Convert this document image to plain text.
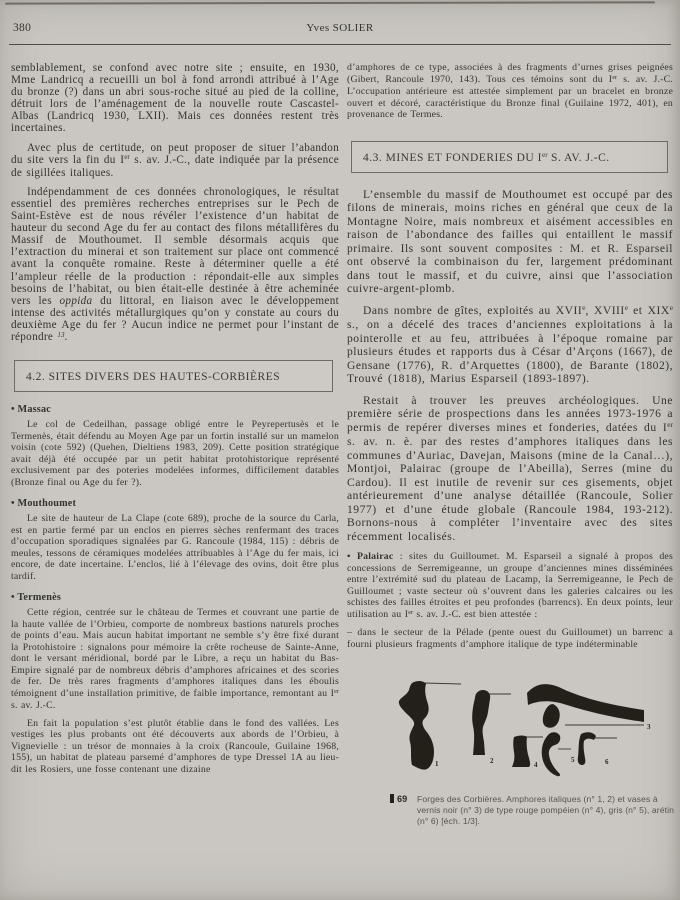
380	Yves SOLIER

semblablement, se confond avec notre site ; ensuite, en 1930, Mme Landricq a recueilli un bol à fond arrondi attribué à l’Age du bronze (?) dans un abri sous-roche situé au pied de la colline, détruit lors de l’aménagement de la nouvelle route Cascastel-Albas (Landricq 1930, LXII). Mais ces données restent très incertaines.

Avec plus de certitude, on peut proposer de situer l’abandon du site vers la fin du Ier s. av. J.-C., date indiquée par la présence de sigillées italiques.

Indépendamment de ces données chronologiques, le résultat essentiel des premières recherches entreprises sur le Pech de Saint-Estève est de nous révéler l’existence d’un habitat de hauteur du second Age du fer au contact des filons métallifères du Massif de Mouthoumet. Il semble désormais acquis que l’extraction du minerai et son traitement sur place ont commencé avant la conquête romaine. Reste à déterminer quelle a été l’ampleur réelle de la production : répondait-elle aux simples besoins de l’habitat, ou bien était-elle destinée à être acheminée vers les oppida du littoral, en liaison avec le développement intense des activités métallurgiques qu’on y constate au cours du deuxième Age du fer ? Aucun indice ne permet pour l’instant de répondre $^{13}$.

4.2. SITES DIVERS DES HAUTES-CORBIÈRES
• Massac

Le col de Cedeilhan, passage obligé entre le Peyrepertusès et le Termenès, était défendu au Moyen Age par un fortin installé sur un mamelon voisin (cote 592) (Quehen, Dieltiens 1983, 209). Cette position stratégique avait déjà été occupée par un petit habitat protohistorique représenté exclusivement par des poteries modelées informes, difficilement datables (Bronze final ou Age du fer ?).

• Mouthoumet

Le site de hauteur de La Clape (cote 689), proche de la source du Carla, est en partie fermé par un enclos en pierres sèches renfermant des traces d’occupation sporadiques signalées par G. Rancoule (1984, 115) : débris de meules, tessons de céramiques modelées attribuables à l’Age du fer mais, ici encore, de date incertaine. L’enclos, lié à l’élevage des ovins, doit être plus tardif.

• Termenès

Cette région, centrée sur le château de Termes et couvrant une partie de la haute vallée de l’Orbieu, comporte de nombreux bastions naturels proches de points d’eau. Mais aucun habitat important ne semble s’y être fixé durant la Protohistoire : signalons pour mémoire la crête rocheuse de Sainte-Anne, dont le versant méridional, bordé par le Libre, a reçu un habitat du Bas-Empire signalé par de nombreux débris d’amphores africaines et des scories de fer. De très rares fragments d’amphores italiques dans les éboulis témoignent d’une installation primitive, de faible importance, remontant au Ier s. av. J.-C.

En fait la population s’est plutôt établie dans le fond des vallées. Les vestiges les plus probants ont été découverts aux abords de l’Orbieu, à Vignevielle : un trésor de monnaies à la croix (Rancoule, Guilaine 1968, 155), un habitat de plateau parsemé d’amphores de type Dressel 1A au lieu-dit les Rosiers, une fosse contenant une dizaine

d’amphores de ce type, associées à des fragments d’urnes grises peignées (Gibert, Rancoule 1970, 143). Tous ces témoins sont du Ier s. av. J.-C. L’occupation antérieure est attestée simplement par un bracelet en bronze ouvert et décoré, caractéristique du Bronze final (Guilaine 1972, 401), en provenance de Termes.

4.3. MINES ET FONDERIES DU Ier S. AV. J.-C.

L’ensemble du massif de Mouthoumet est occupé par des filons de minerais, moins riches en général que ceux de la Montagne Noire, mais nombreux et aisément accessibles en raison de l’abondance des failles qui entaillent le massif primaire. Ils sont souvent composites : M. et R. Esparseil ont observé la combinaison du fer, largement prédominant dans tout le massif, et du cuivre, ainsi que l’association cuivre-argent-plomb.

Dans nombre de gîtes, exploités au XVIIe, XVIIIe et XIXe s., on a décelé des traces d’anciennes exploitations à la pointerolle et au feu, attribuées à l’époque romaine par plusieurs études et rapports dus à César d’Arçons (1667), de Gensane (1776), R. d’Arquettes (1800), de Barante (1802), Trouvé (1818), Marius Esparseil (1893-1897).

Restait à trouver les preuves archéologiques. Une première série de prospections dans les années 1973-1976 a permis de repérer diverses mines et fonderies, datées du Ier s. av. n. è. par des restes d’amphores italiques dans les communes d’Auriac, Davejan, Maisons (mine de la Canal…), Montjoi, Palairac (groupe de l’Abeilla), Serres (mine du Cardou). Il est inutile de revenir sur ces gisements, objet antérieurement d’une analyse détaillée (Rancoule, Solier 1977) et d’une étude globale (Rancoule 1984, 193-212). Bornons-nous à compléter l’inventaire avec des sites récemment localisés.

• Palairac : sites du Guilloumet. M. Esparseil a signalé à propos des concessions de Serremigeanne, un groupe d’anciennes mines disséminées entre l’extrémité sud du plateau de Lacamp, la Serremigeanne, le Pech de Guilloumet ; vaste secteur où s’ouvrent dans les galeries calcaires ou les schistes des failles étroites et peu profondes (barrencs). En deux points, leur utilisation au Ier s. av. J.-C. est bien attestée :

– dans le secteur de la Pélade (pente ouest du Guilloumet) un barrenc a fourni plusieurs fragments d’amphore italique de type indéterminable

1	2
3
4
5	6
69	Forges des Corbières. Amphores italiques (n° 1, 2) et vases à vernis noir (n° 3) de type rouge pompéien (n° 4), gris (n° 5), arétin (n° 6) [éch. 1/3].
